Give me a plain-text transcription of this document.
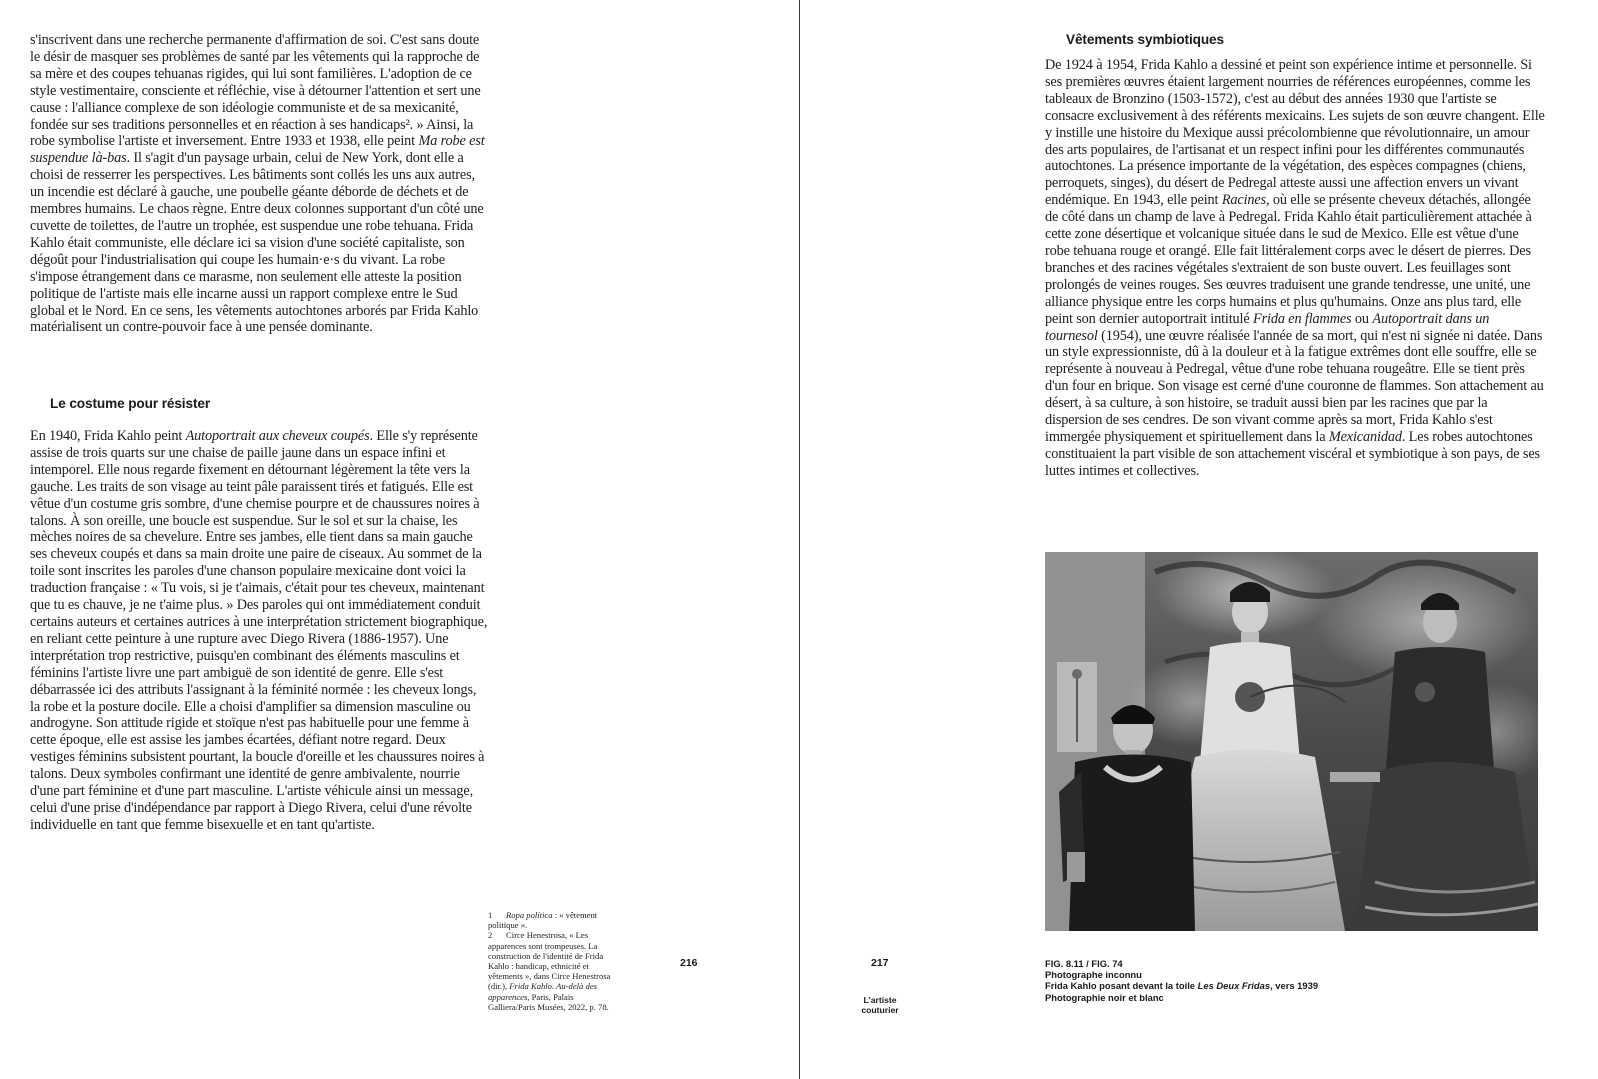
s'inscrivent dans une recherche permanente d'affirmation de soi. C'est sans doute le désir de masquer ses problèmes de santé par les vêtements qui la rapproche de sa mère et des coupes tehuanas rigides, qui lui sont familières. L'adoption de ce style vestimentaire, consciente et réfléchie, vise à détourner l'attention et sert une cause : l'alliance complexe de son idéologie communiste et de sa mexicanité, fondée sur ses traditions personnelles et en réaction à ses handicaps². » Ainsi, la robe symbolise l'artiste et inversement. Entre 1933 et 1938, elle peint Ma robe est suspendue là-bas. Il s'agit d'un paysage urbain, celui de New York, dont elle a choisi de resserrer les perspectives. Les bâtiments sont collés les uns aux autres, un incendie est déclaré à gauche, une poubelle géante déborde de déchets et de membres humains. Le chaos règne. Entre deux colonnes supportant d'un côté une cuvette de toilettes, de l'autre un trophée, est suspendue une robe tehuana. Frida Kahlo était communiste, elle déclare ici sa vision d'une société capitaliste, son dégoût pour l'industrialisation qui coupe les humain·e·s du vivant. La robe s'impose étrangement dans ce marasme, non seulement elle atteste la position politique de l'artiste mais elle incarne aussi un rapport complexe entre le Sud global et le Nord. En ce sens, les vêtements autochtones arborés par Frida Kahlo matérialisent un contre-pouvoir face à une pensée dominante.

Le costume pour résister

En 1940, Frida Kahlo peint Autoportrait aux cheveux coupés. Elle s'y représente assise de trois quarts sur une chaise de paille jaune dans un espace infini et intemporel. Elle nous regarde fixement en détournant légèrement la tête vers la gauche. Les traits de son visage au teint pâle paraissent tirés et fatigués. Elle est vêtue d'un costume gris sombre, d'une chemise pourpre et de chaussures noires à talons. À son oreille, une boucle est suspendue. Sur le sol et sur la chaise, les mèches noires de sa chevelure. Entre ses jambes, elle tient dans sa main gauche ses cheveux coupés et dans sa main droite une paire de ciseaux. Au sommet de la toile sont inscrites les paroles d'une chanson populaire mexicaine dont voici la traduction française : « Tu vois, si je t'aimais, c'était pour tes cheveux, maintenant que tu es chauve, je ne t'aime plus. » Des paroles qui ont immédiatement conduit certains auteurs et certaines autrices à une interprétation strictement biographique, en reliant cette peinture à une rupture avec Diego Rivera (1886-1957). Une interprétation trop restrictive, puisqu'en combinant des éléments masculins et féminins l'artiste livre une part ambiguë de son identité de genre. Elle s'est débarrassée ici des attributs l'assignant à la féminité normée : les cheveux longs, la robe et la posture docile. Elle a choisi d'amplifier sa dimension masculine ou androgyne. Son attitude rigide et stoïque n'est pas habituelle pour une femme à cette époque, elle est assise les jambes écartées, défiant notre regard. Deux vestiges féminins subsistent pourtant, la boucle d'oreille et les chaussures noires à talons. Deux symboles confirmant une identité de genre ambivalente, nourrie d'une part féminine et d'une part masculine. L'artiste véhicule ainsi un message, celui d'une prise d'indépendance par rapport à Diego Rivera, celui d'une révolte individuelle en tant que femme bisexuelle et en tant qu'artiste.

1 Ropa política : « vêtement politique ».

2 Circe Henestrosa, « Les apparences sont trompeuses. La construction de l'identité de Frida Kahlo : handicap, ethnicité et vêtements », dans Circe Henestrosa (dir.), Frida Kahlo. Au-delà des apparences, Paris, Palais Galliera/Paris Musées, 2022, p. 78.

216
Vêtements symbiotiques

De 1924 à 1954, Frida Kahlo a dessiné et peint son expérience intime et personnelle. Si ses premières œuvres étaient largement nourries de références européennes, comme les tableaux de Bronzino (1503-1572), c'est au début des années 1930 que l'artiste se consacre exclusivement à des référents mexicains. Les sujets de son œuvre changent. Elle y instille une histoire du Mexique aussi précolombienne que révolutionnaire, un amour des arts populaires, de l'artisanat et un respect infini pour les différentes communautés autochtones. La présence importante de la végétation, des espèces compagnes (chiens, perroquets, singes), du désert de Pedregal atteste aussi une affection envers un vivant endémique. En 1943, elle peint Racines, où elle se présente cheveux détachés, allongée de côté dans un champ de lave à Pedregal. Frida Kahlo était particulièrement attachée à cette zone désertique et volcanique située dans le sud de Mexico. Elle est vêtue d'une robe tehuana rouge et orangé. Elle fait littéralement corps avec le désert de pierres. Des branches et des racines végétales s'extraient de son buste ouvert. Les feuillages sont prolongés de veines rouges. Ses œuvres traduisent une grande tendresse, une unité, une alliance physique entre les corps humains et plus qu'humains. Onze ans plus tard, elle peint son dernier autoportrait intitulé Frida en flammes ou Autoportrait dans un tournesol (1954), une œuvre réalisée l'année de sa mort, qui n'est ni signée ni datée. Dans un style expressionniste, dû à la douleur et à la fatigue extrêmes dont elle souffre, elle se représente à nouveau à Pedregal, vêtue d'une robe tehuana rougeâtre. Elle se tient près d'un four en brique. Son visage est cerné d'une couronne de flammes. Son attachement au désert, à sa culture, à son histoire, se traduit aussi bien par les racines que par la dispersion de ses cendres. De son vivant comme après sa mort, Frida Kahlo s'est immergée physiquement et spirituellement dans la Mexicanidad. Les robes autochtones constituaient la part visible de son attachement viscéral et symbiotique à son pays, de ses luttes intimes et collectives.

FIG. 8.11 / FIG. 74
Photographe inconnu
Frida Kahlo posant devant la toile Les Deux Fridas, vers 1939
Photographie noir et blanc
217
L'artiste
couturier
